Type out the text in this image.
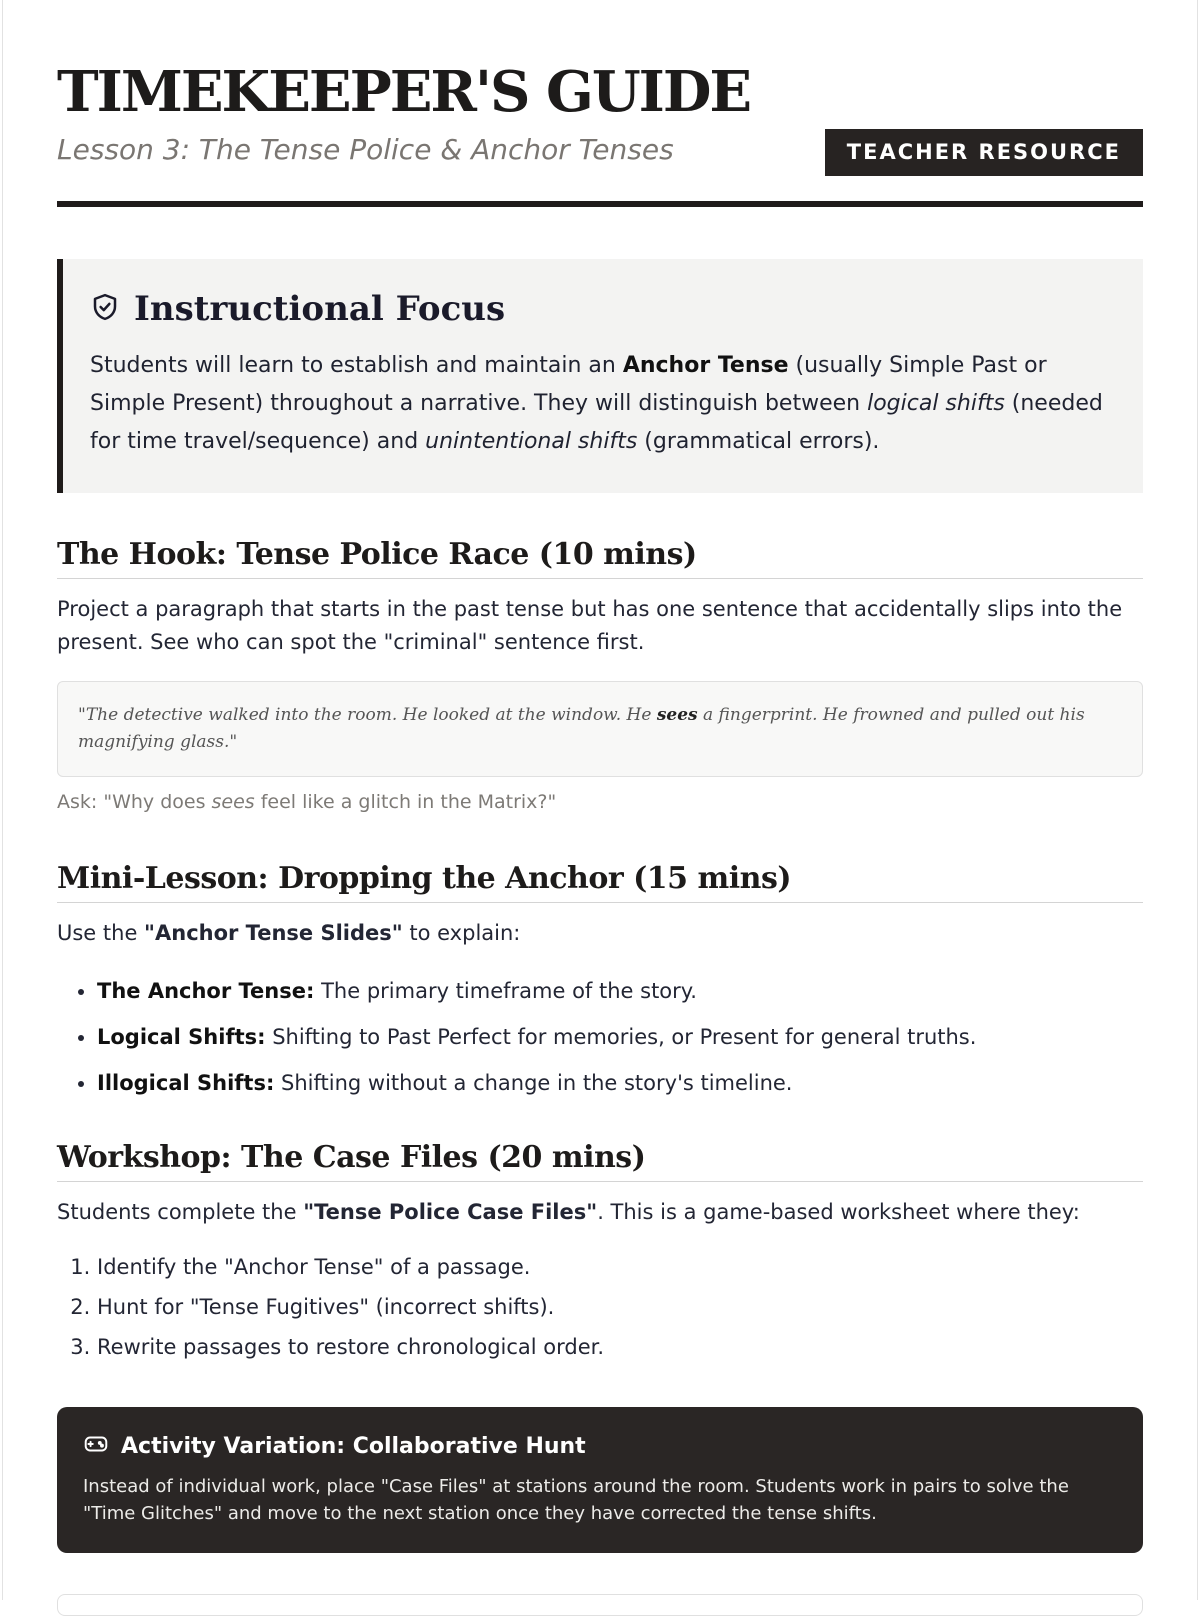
TIMEKEEPER'S GUIDE
Lesson 3: The Tense Police & Anchor Tenses	TEACHER RESOURCE
Instructional Focus
Students will learn to establish and maintain an Anchor Tense (usually Simple Past or Simple Present) throughout a narrative. They will distinguish between logical shifts (needed for time travel/sequence) and unintentional shifts (grammatical errors).
The Hook: Tense Police Race (10 mins)
Project a paragraph that starts in the past tense but has one sentence that accidentally slips into the present. See who can spot the "criminal" sentence first.
"The detective walked into the room. He looked at the window. He sees a fingerprint. He frowned and pulled out his magnifying glass."
Ask: "Why does sees feel like a glitch in the Matrix?"
Mini-Lesson: Dropping the Anchor (15 mins)
Use the "Anchor Tense Slides" to explain:
• The Anchor Tense: The primary timeframe of the story.
• Logical Shifts: Shifting to Past Perfect for memories, or Present for general truths.
• Illogical Shifts: Shifting without a change in the story's timeline.
Workshop: The Case Files (20 mins)
Students complete the "Tense Police Case Files". This is a game-based worksheet where they:
1. Identify the "Anchor Tense" of a passage.
2. Hunt for "Tense Fugitives" (incorrect shifts).
3. Rewrite passages to restore chronological order.
Activity Variation: Collaborative Hunt
Instead of individual work, place "Case Files" at stations around the room. Students work in pairs to solve the "Time Glitches" and move to the next station once they have corrected the tense shifts.
